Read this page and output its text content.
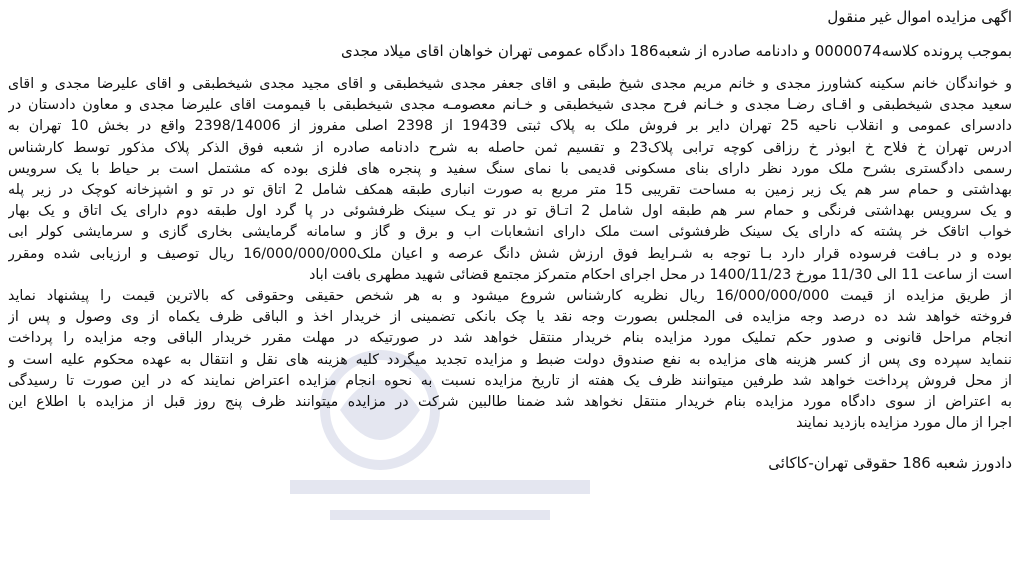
اگهی مزایده اموال غیر منقول
بموجب پرونده کلاسه0000074 و دادنامه صادره از شعبه186 دادگاه عمومی تهران خواهان اقای میلاد مجدی
و خواندگان خانم سکینه کشاورز مجدی و خانم مریم مجدی شیخ طبقی و اقای جعفر مجدی شیخطبقی و اقای مجید مجدی شیخطبقی و اقای علیرضا مجدی و اقای
سعید مجدی شیخطبقی و اقـای رضـا مجدی و خـانم فرح مجدی شیخطبقی و خـانم معصومـه مجدی شیخطبقی با قیمومت اقای علیرضا مجدی و معاون دادستان در
دادسرای عمومی و انقلاب ناحیه 25 تهران دایر بر فروش ملک به پلاک ثبتی 19439 از 2398 اصلی مفروز از 2398/14006 واقع در بخش 10 تهران به
ادرس تهران خ فلاح خ ابوذر خ رزاقی کوچه ترابی پلاک23 و تقسیم ثمن حاصله به شرح دادنامه صادره از شعبه فوق الذکر پلاک مذکور توسط کارشناس
رسمی دادگستری بشرح ملک مورد نظر دارای بنای مسکونی قدیمی با نمای سنگ سفید و پنجره های فلزی بوده که مشتمل است بر حیاط با یک سرویس
بهداشتی و حمام سر هم یک زیر زمین به مساحت تقریبی 15 متر مربع به صورت انباری طبقه همکف شامل 2 اتاق تو در تو و اشپزخانه کوچک در زیر پله
و یک سرویس بهداشتی فرنگی و حمام سر هم طبقه اول شامل 2 اتـاق تو در تو یـک سینک ظرفشوئی در پا گرد اول طبقه دوم دارای یک اتاق و یک بهار
خواب اتاقک خر پشته که دارای یک سینک ظرفشوئی است ملک دارای انشعابات اب و برق و گاز و سامانه گرمایشی بخاری گازی و سرمایشی کولر ابی
بوده و در بـافت فرسوده قرار دارد بـا توجه به شـرایط فوق ارزش شش دانگ عرصه و اعیان ملک16/000/000/000 ریال توصیف و ارزیابی شده ومقرر
است از ساعت 11 الی 11/30 مورخ 1400/11/23 در محل اجرای احکام متمرکز مجتمع قضائی شهید مطهری بافت اباد
از طریق مزایده از قیمت 16/000/000/000 ریال نظریه کارشناس شروع میشود و به هر شخص حقیقی وحقوقی که بالاترین قیمت را پیشنهاد نماید
فروخته خواهد شد ده درصد وجه مزایده فی المجلس بصورت وجه نقد یا چک بانکی تضمینی از خریدار اخذ و الباقی ظرف یکماه از وی وصول و پس از
انجام مراحل قانونی و صدور حکم تملیک مورد مزایده بنام خریدار منتقل خواهد شد در صورتیکه در مهلت مقرر خریدار الباقی وجه مزایده را پرداخت
ننماید سپرده وی پس از کسر هزینه های مزایده به نفع صندوق دولت ضبط و مزایده تجدید میگردد کلیه هزینه های نقل و انتقال به عهده محکوم علیه است و
از محل فروش پرداخت خواهد شد طرفین میتوانند ظرف یک هفته از تاریخ مزایده نسبت به نحوه انجام مزایده اعتراض نمایند که در این صورت تا رسیدگی
به اعتراض از سوی دادگاه مورد مزایده بنام خریدار منتقل نخواهد شد ضمنا طالبین شرکت در مزایده میتوانند ظرف پنج روز قبل از مزایده با اطلاع این
اجرا از مال مورد مزایده بازدید نمایند
دادورز شعبه 186 حقوقی تهران-کاکائی
